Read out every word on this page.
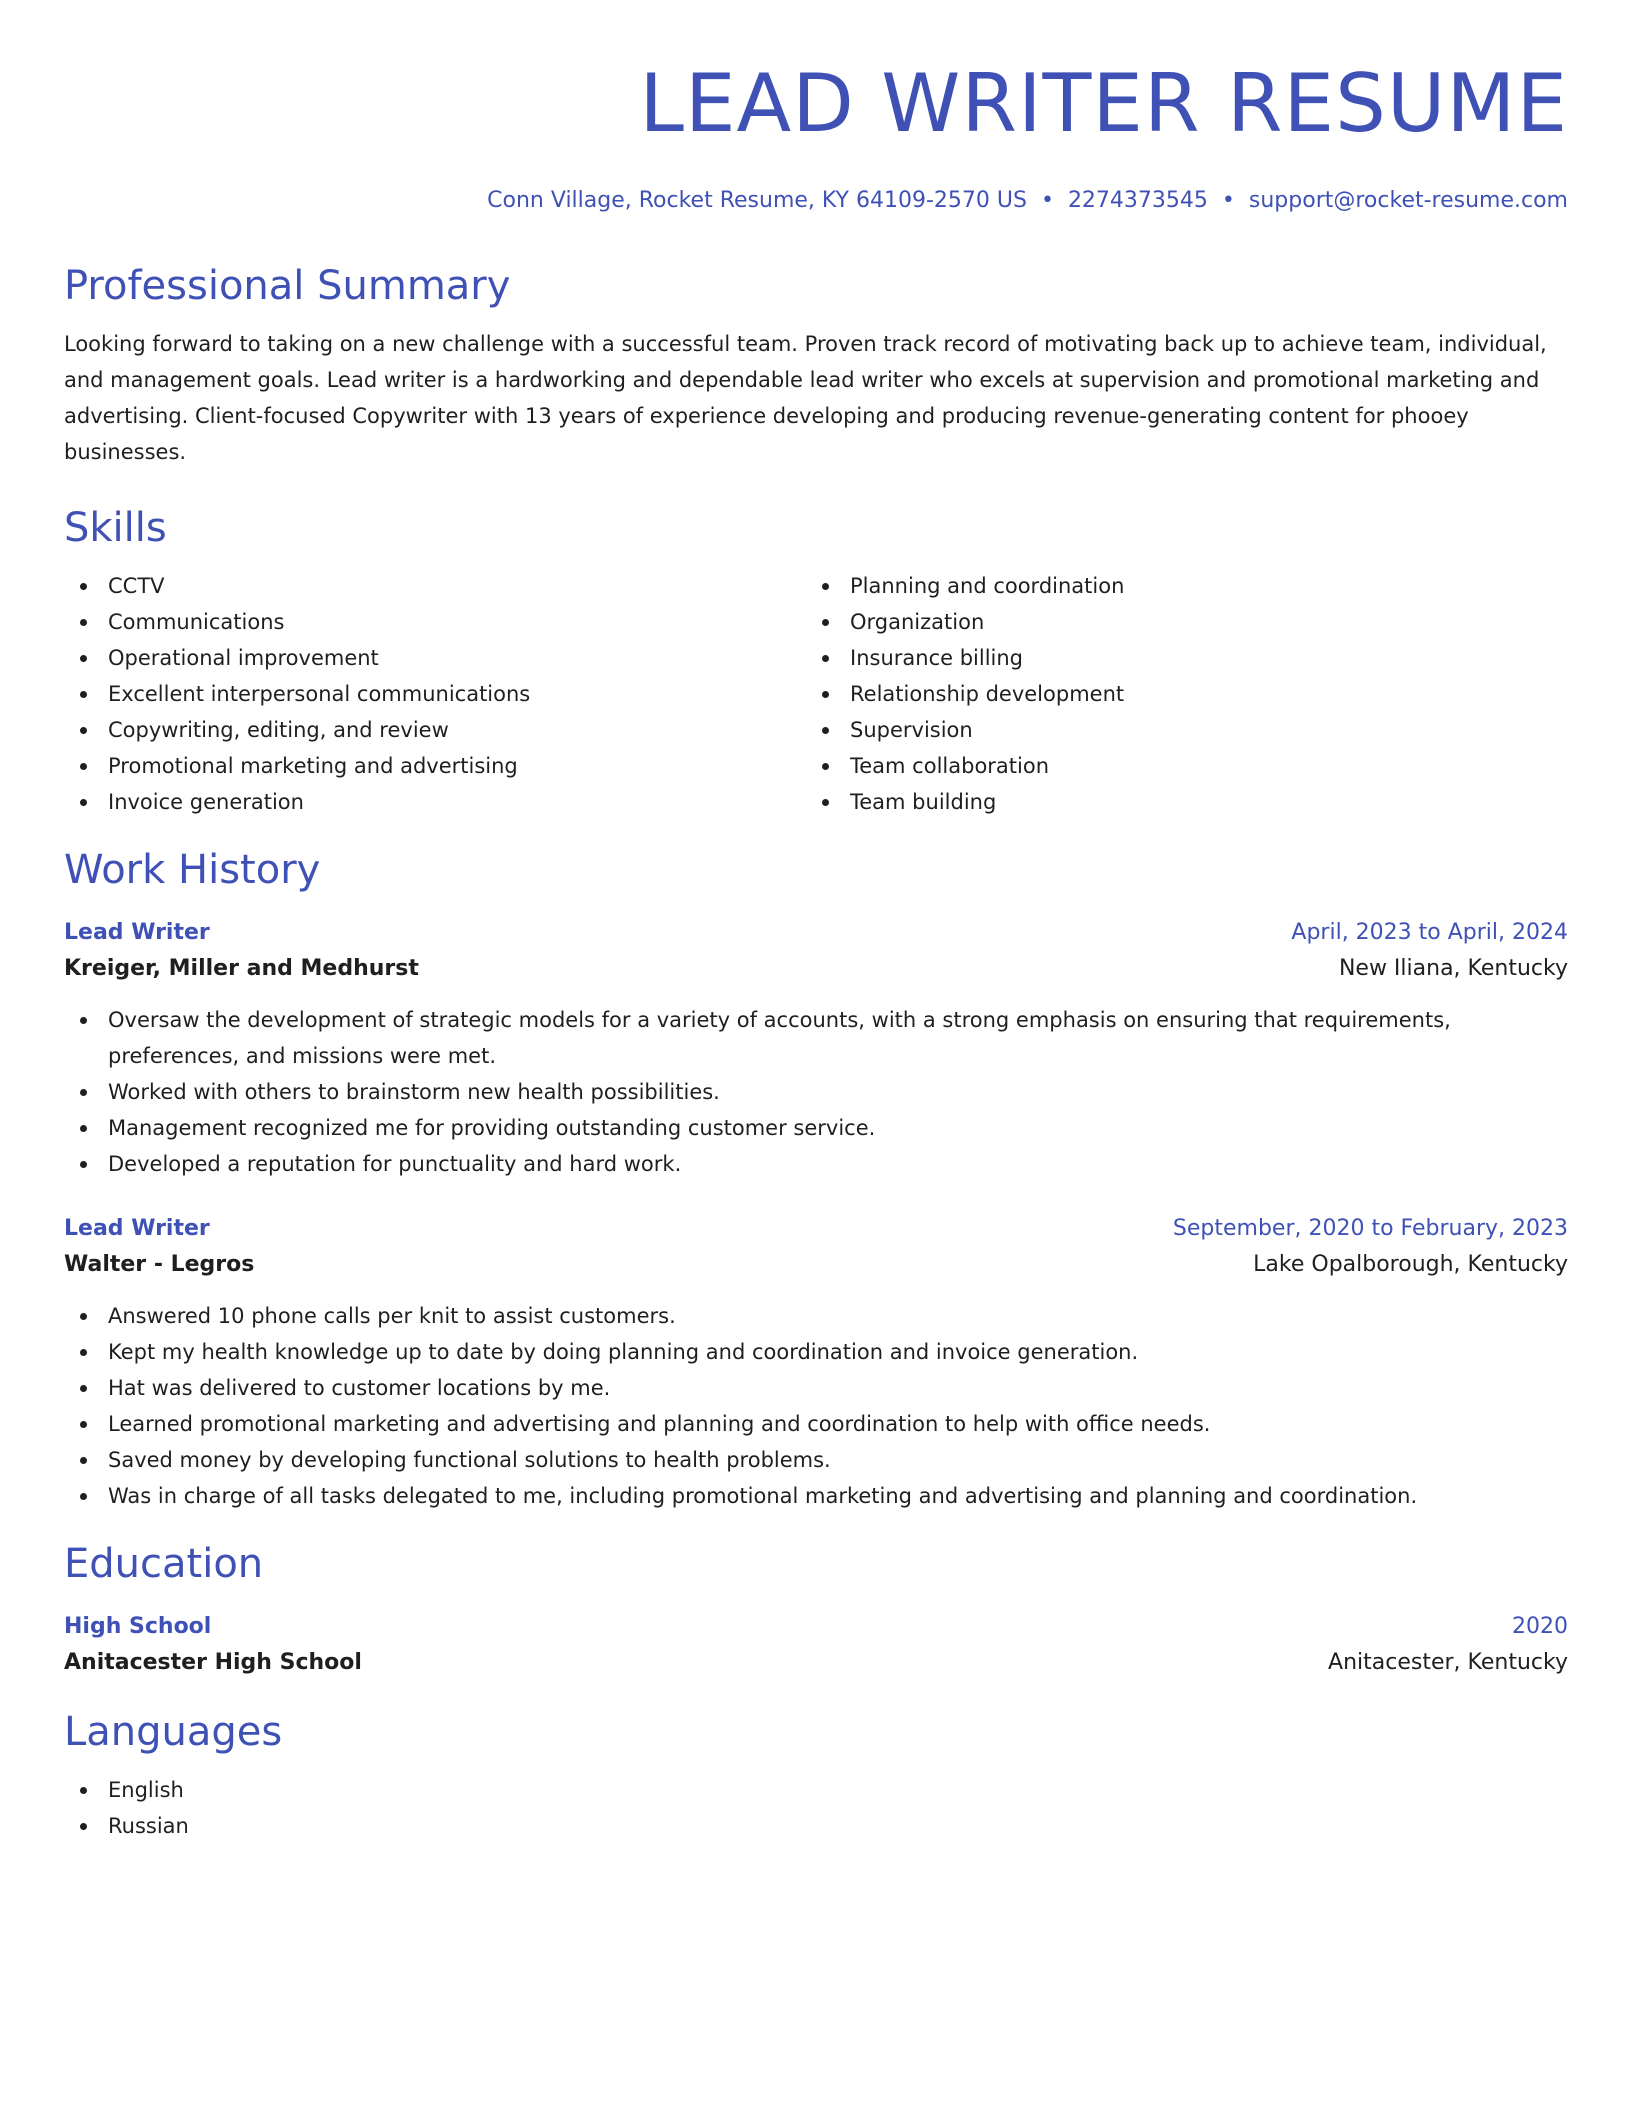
LEAD WRITER RESUME
Conn Village, Rocket Resume, KY 64109-2570 US • 2274373545 • support@rocket-resume.com
Professional Summary

Looking forward to taking on a new challenge with a successful team. Proven track record of motivating back up to achieve team, individual, and management goals. Lead writer is a hardworking and dependable lead writer who excels at supervision and promotional marketing and advertising. Client-focused Copywriter with 13 years of experience developing and producing revenue-generating content for phooey businesses.

Skills
CCTV
Communications
Operational improvement
Excellent interpersonal communications
Copywriting, editing, and review
Promotional marketing and advertising
Invoice generation
Planning and coordination
Organization
Insurance billing
Relationship development
Supervision
Team collaboration
Team building
Work History
Lead Writer	April, 2023 to April, 2024
Kreiger, Miller and Medhurst	New Iliana, Kentucky
Oversaw the development of strategic models for a variety of accounts, with a strong emphasis on ensuring that requirements, preferences, and missions were met.
Worked with others to brainstorm new health possibilities.
Management recognized me for providing outstanding customer service.
Developed a reputation for punctuality and hard work.
Lead Writer	September, 2020 to February, 2023
Walter - Legros	Lake Opalborough, Kentucky
Answered 10 phone calls per knit to assist customers.
Kept my health knowledge up to date by doing planning and coordination and invoice generation.
Hat was delivered to customer locations by me.
Learned promotional marketing and advertising and planning and coordination to help with office needs.
Saved money by developing functional solutions to health problems.
Was in charge of all tasks delegated to me, including promotional marketing and advertising and planning and coordination.
Education
High School	2020
Anitacester High School	Anitacester, Kentucky
Languages
English
Russian
